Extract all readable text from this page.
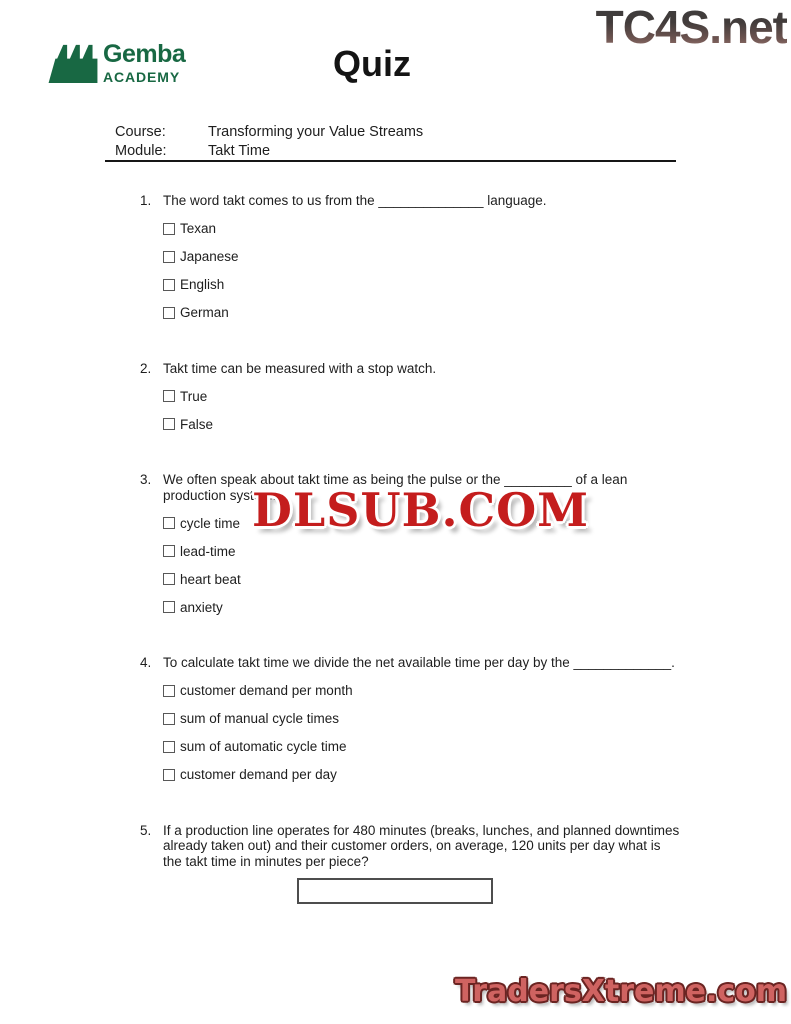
TC4S.net
Gemba
ACADEMY	Quiz
Course:	Transforming your Value Streams
Module:	Takt Time
1. The word takt comes to us from the ______________ language.
Texan
Japanese
English
German
2. Takt time can be measured with a stop watch.
True
False
3. We often speak about takt time as being the pulse or the _________ of a lean production system.
cycle time
lead-time
heart beat
anxiety
4. To calculate takt time we divide the net available time per day by the _____________.
customer demand per month
sum of manual cycle times
sum of automatic cycle time
customer demand per day
5. If a production line operates for 480 minutes (breaks, lunches, and planned downtimes already taken out) and their customer orders, on average, 120 units per day what is the takt time in minutes per piece?
DLSUB.COM
TradersXtreme.com
